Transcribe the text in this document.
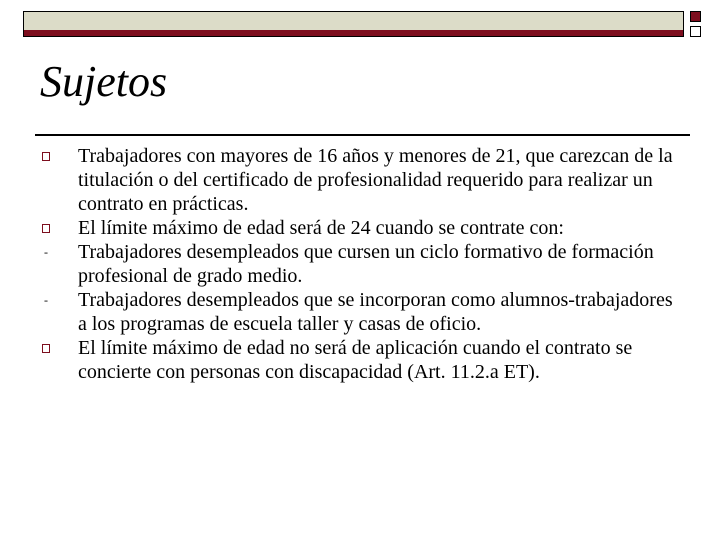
Sujetos
Trabajadores con mayores de 16 años y menores de 21, que carezcan de la titulación o del certificado de profesionalidad requerido para realizar un contrato en prácticas.
El límite máximo de edad será de 24 cuando se contrate con:
- Trabajadores desempleados que cursen un ciclo formativo de formación profesional de grado medio.
- Trabajadores desempleados que se incorporan como alumnos-trabajadores a los programas de escuela taller y casas de oficio.
El límite máximo de edad no será de aplicación cuando el contrato se concierte con personas con discapacidad (Art. 11.2.a ET).
